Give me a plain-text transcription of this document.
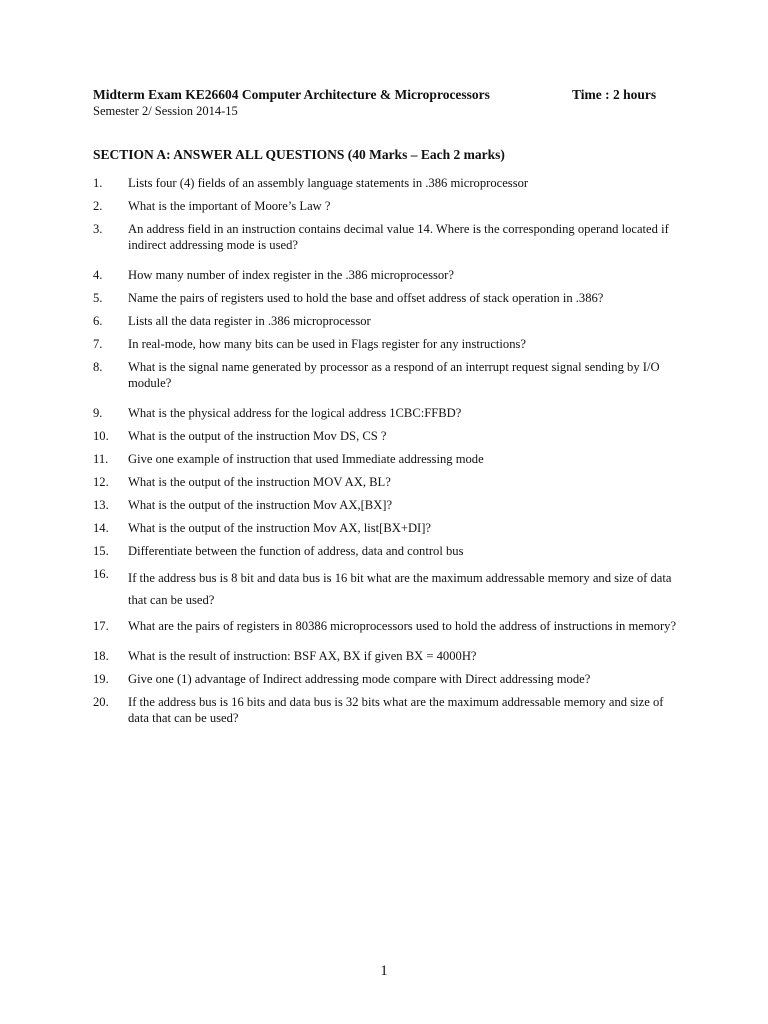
Midterm Exam KE26604 Computer Architecture & Microprocessors	Time : 2 hours
Semester 2/ Session 2014-15
SECTION A: ANSWER ALL QUESTIONS (40 Marks – Each 2 marks)
1.	Lists four (4) fields of an assembly language statements in .386 microprocessor
2.	What is the important of Moore’s Law ?
3.	An address field in an instruction contains decimal value 14. Where is the corresponding operand located if indirect addressing mode is used?
4.	How many number of index register in the .386 microprocessor?
5.	Name the pairs of registers used to hold the base and offset address of stack operation in .386?
6.	Lists all the data register in .386 microprocessor
7.	In real-mode, how many bits can be used in Flags register for any instructions?
8.	What is the signal name generated by processor as a respond of an interrupt request signal sending by I/O module?
9.	What is the physical address for the logical address 1CBC:FFBD?
10.	What is the output of the instruction Mov DS, CS ?
11.	Give one example of instruction that used Immediate addressing mode
12.	What is the output of the instruction MOV AX, BL?
13.	What is the output of the instruction Mov AX,[BX]?
14.	What is the output of the instruction Mov AX, list[BX+DI]?
15.	Differentiate between the function of address, data and control bus
16.	If the address bus is 8 bit and data bus is 16 bit what are the maximum addressable memory and size of data that can be used?
17.	What are the pairs of registers in 80386 microprocessors used to hold the address of instructions in memory?
18.	What is the result of instruction: BSF AX, BX if given BX = 4000H?
19.	Give one (1) advantage of Indirect addressing mode compare with Direct addressing mode?
20.	If the address bus is 16 bits and data bus is 32 bits what are the maximum addressable memory and size of data that can be used?
1
